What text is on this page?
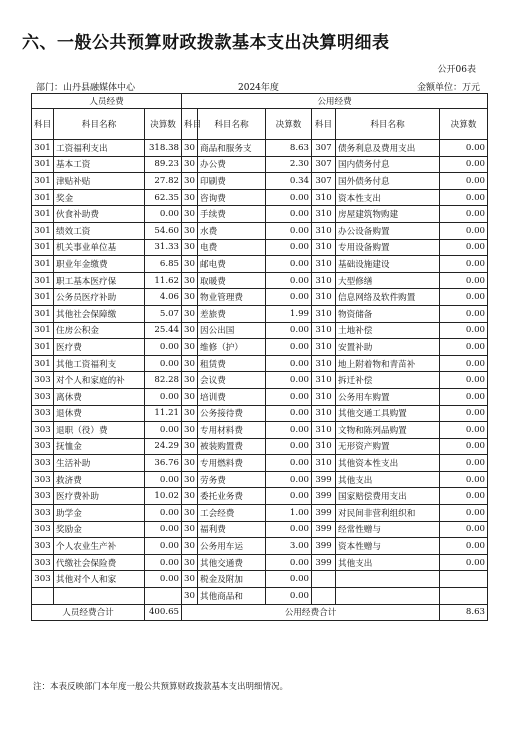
六、一般公共预算财政拨款基本支出决算明细表
公开06表
部门：山丹县融媒体中心	2024年度	金额单位：万元
人员经费			公用经费					
科目	科目名称	决算数	科目	科目名称	决算数	科目	科目名称	决算数
301	工资福利支出	318.38	30	商品和服务支	8.63	307	债务利息及费用支出	0.00
301	基本工资	89.23	30	办公费	2.30	307	国内债务付息	0.00
301	津贴补贴	27.82	30	印刷费	0.34	307	国外债务付息	0.00
301	奖金	62.35	30	咨询费	0.00	310	资本性支出	0.00
301	伙食补助费	0.00	30	手续费	0.00	310	房屋建筑物购建	0.00
301	绩效工资	54.60	30	水费	0.00	310	办公设备购置	0.00
301	机关事业单位基	31.33	30	电费	0.00	310	专用设备购置	0.00
301	职业年金缴费	6.85	30	邮电费	0.00	310	基础设施建设	0.00
301	职工基本医疗保	11.62	30	取暖费	0.00	310	大型修缮	0.00
301	公务员医疗补助	4.06	30	物业管理费	0.00	310	信息网络及软件购置	0.00
301	其他社会保障缴	5.07	30	差旅费	1.99	310	物资储备	0.00
301	住房公积金	25.44	30	因公出国	0.00	310	土地补偿	0.00
301	医疗费	0.00	30	维修（护）	0.00	310	安置补助	0.00
301	其他工资福利支	0.00	30	租赁费	0.00	310	地上附着物和青苗补	0.00
303	对个人和家庭的补	82.28	30	会议费	0.00	310	拆迁补偿	0.00
303	离休费	0.00	30	培训费	0.00	310	公务用车购置	0.00
303	退休费	11.21	30	公务接待费	0.00	310	其他交通工具购置	0.00
303	退职（役）费	0.00	30	专用材料费	0.00	310	文物和陈列品购置	0.00
303	抚恤金	24.29	30	被装购置费	0.00	310	无形资产购置	0.00
303	生活补助	36.76	30	专用燃料费	0.00	310	其他资本性支出	0.00
303	救济费	0.00	30	劳务费	0.00	399	其他支出	0.00
303	医疗费补助	10.02	30	委托业务费	0.00	399	国家赔偿费用支出	0.00
303	助学金	0.00	30	工会经费	1.00	399	对民间非营利组织和	0.00
303	奖励金	0.00	30	福利费	0.00	399	经常性赠与	0.00
303	个人农业生产补	0.00	30	公务用车运	3.00	399	资本性赠与	0.00
303	代缴社会保险费	0.00	30	其他交通费	0.00	399	其他支出	0.00
303	其他对个人和家	0.00	30	税金及附加	0.00			
			30	其他商品和	0.00			
人员经费合计		400.65	公用经费合计					8.63
注：本表反映部门本年度一般公共预算财政拨款基本支出明细情况。
